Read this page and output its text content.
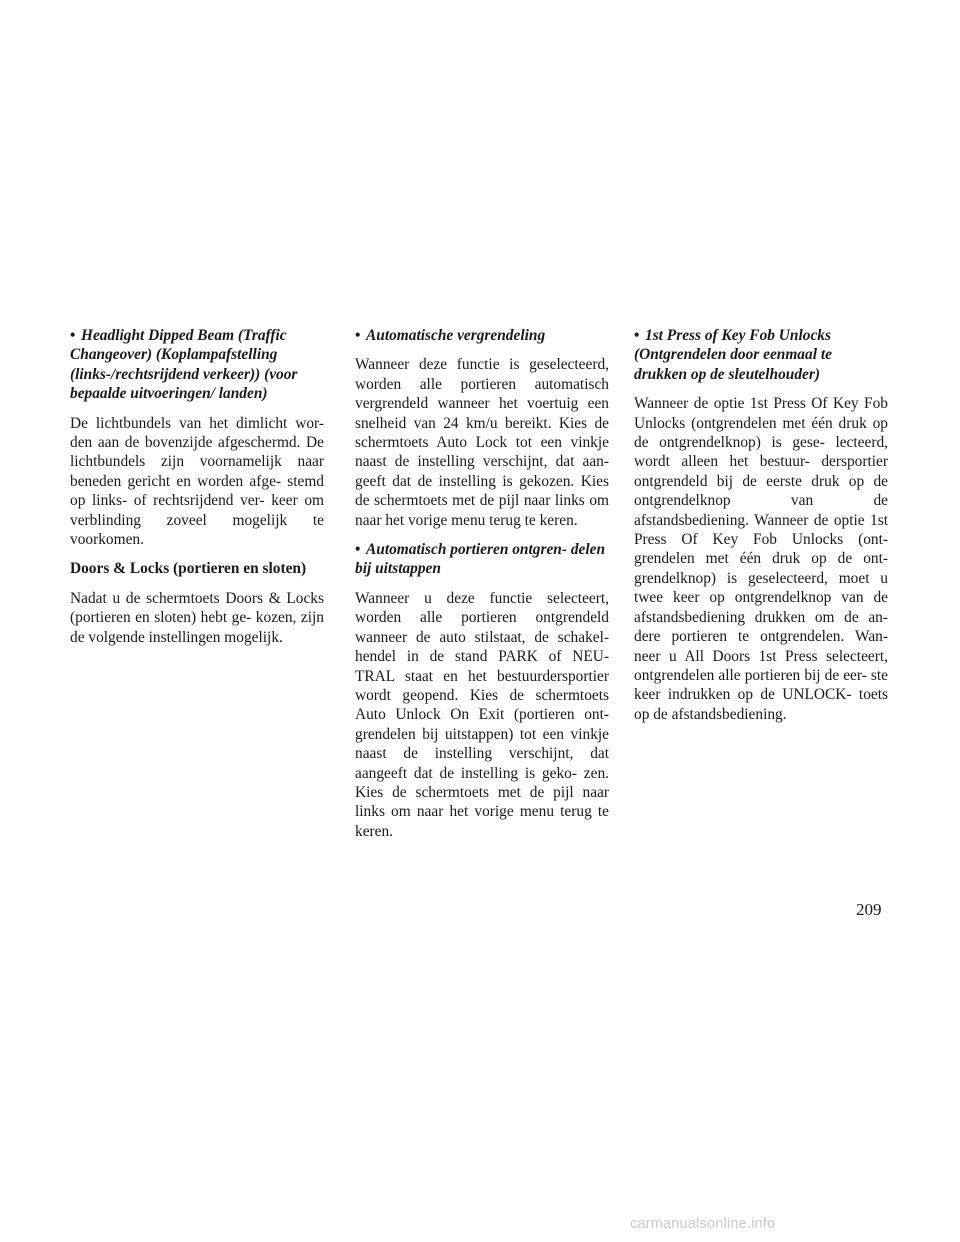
• Headlight Dipped Beam (Traffic Changeover) (Koplampafstelling (links-/rechtsrijdend verkeer)) (voor bepaalde uitvoeringen/ landen)

De lichtbundels van het dimlicht wor- den aan de bovenzijde afgeschermd. De lichtbundels zijn voornamelijk naar beneden gericht en worden afge- stemd op links- of rechtsrijdend ver- keer om verblinding zoveel mogelijk te voorkomen.

Doors & Locks (portieren en sloten)

Nadat u de schermtoets Doors & Locks (portieren en sloten) hebt ge- kozen, zijn de volgende instellingen mogelijk.

• Automatische vergrendeling

Wanneer deze functie is geselecteerd, worden alle portieren automatisch vergrendeld wanneer het voertuig een snelheid van 24 km/u bereikt. Kies de schermtoets Auto Lock tot een vinkje naast de instelling verschijnt, dat aan- geeft dat de instelling is gekozen. Kies de schermtoets met de pijl naar links om naar het vorige menu terug te keren.

• Automatisch portieren ontgren- delen bij uitstappen

Wanneer u deze functie selecteert, worden alle portieren ontgrendeld wanneer de auto stilstaat, de schakel- hendel in de stand PARK of NEU- TRAL staat en het bestuurdersportier wordt geopend. Kies de schermtoets Auto Unlock On Exit (portieren ont- grendelen bij uitstappen) tot een vinkje naast de instelling verschijnt, dat aangeeft dat de instelling is geko- zen. Kies de schermtoets met de pijl naar links om naar het vorige menu terug te keren.

• 1st Press of Key Fob Unlocks (Ontgrendelen door eenmaal te drukken op de sleutelhouder)

Wanneer de optie 1st Press Of Key Fob Unlocks (ontgrendelen met één druk op de ontgrendelknop) is gese- lecteerd, wordt alleen het bestuur- dersportier ontgrendeld bij de eerste druk op de ontgrendelknop van de afstandsbediening. Wanneer de optie 1st Press Of Key Fob Unlocks (ont- grendelen met één druk op de ont- grendelknop) is geselecteerd, moet u twee keer op ontgrendelknop van de afstandsbediening drukken om de an- dere portieren te ontgrendelen. Wan- neer u All Doors 1st Press selecteert, ontgrendelen alle portieren bij de eer- ste keer indrukken op de UNLOCK- toets op de afstandsbediening.

209
carmanualsonline.info
